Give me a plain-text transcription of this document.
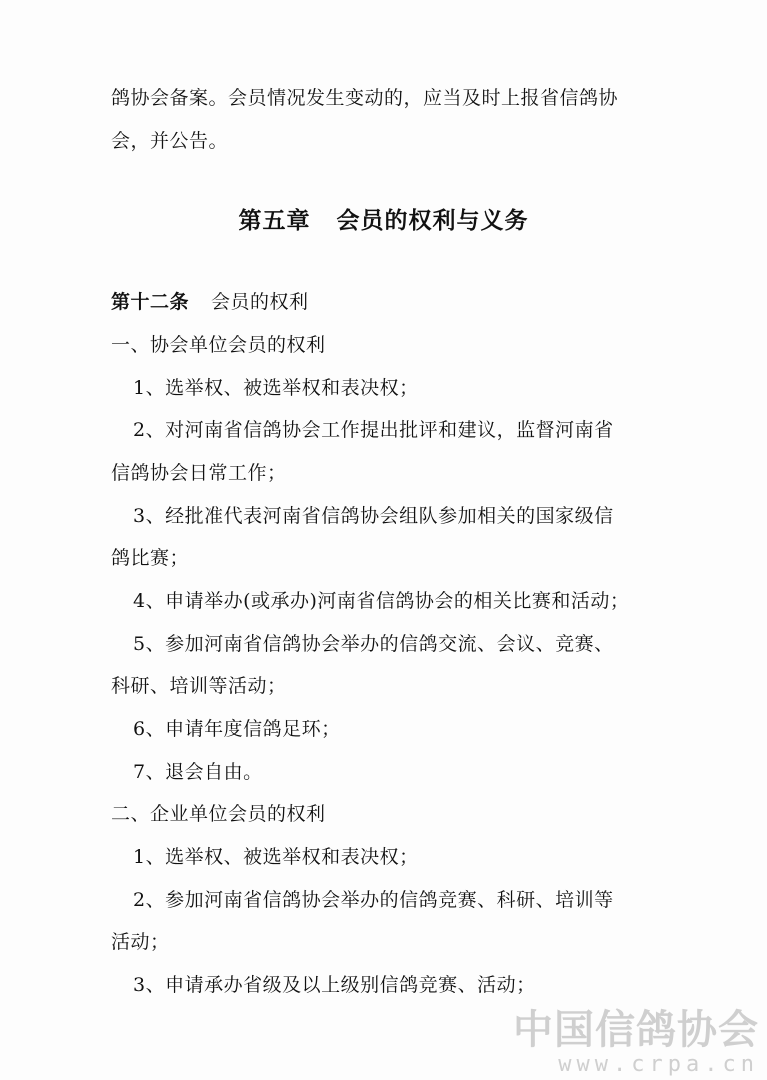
鸽协会备案。会员情况发生变动的，应当及时上报省信鸽协
会，并公告。
第五章 会员的权利与义务
第十二条 会员的权利
一、协会单位会员的权利
1、选举权、被选举权和表决权；
2、对河南省信鸽协会工作提出批评和建议，监督河南省
信鸽协会日常工作；
3、经批准代表河南省信鸽协会组队参加相关的国家级信
鸽比赛；
4、申请举办(或承办)河南省信鸽协会的相关比赛和活动；
5、参加河南省信鸽协会举办的信鸽交流、会议、竞赛、
科研、培训等活动；
6、申请年度信鸽足环；
7、退会自由。
二、企业单位会员的权利
1、选举权、被选举权和表决权；
2、参加河南省信鸽协会举办的信鸽竞赛、科研、培训等
活动；
3、申请承办省级及以上级别信鸽竞赛、活动；
中国信鸽协会
www.crpa.cn
